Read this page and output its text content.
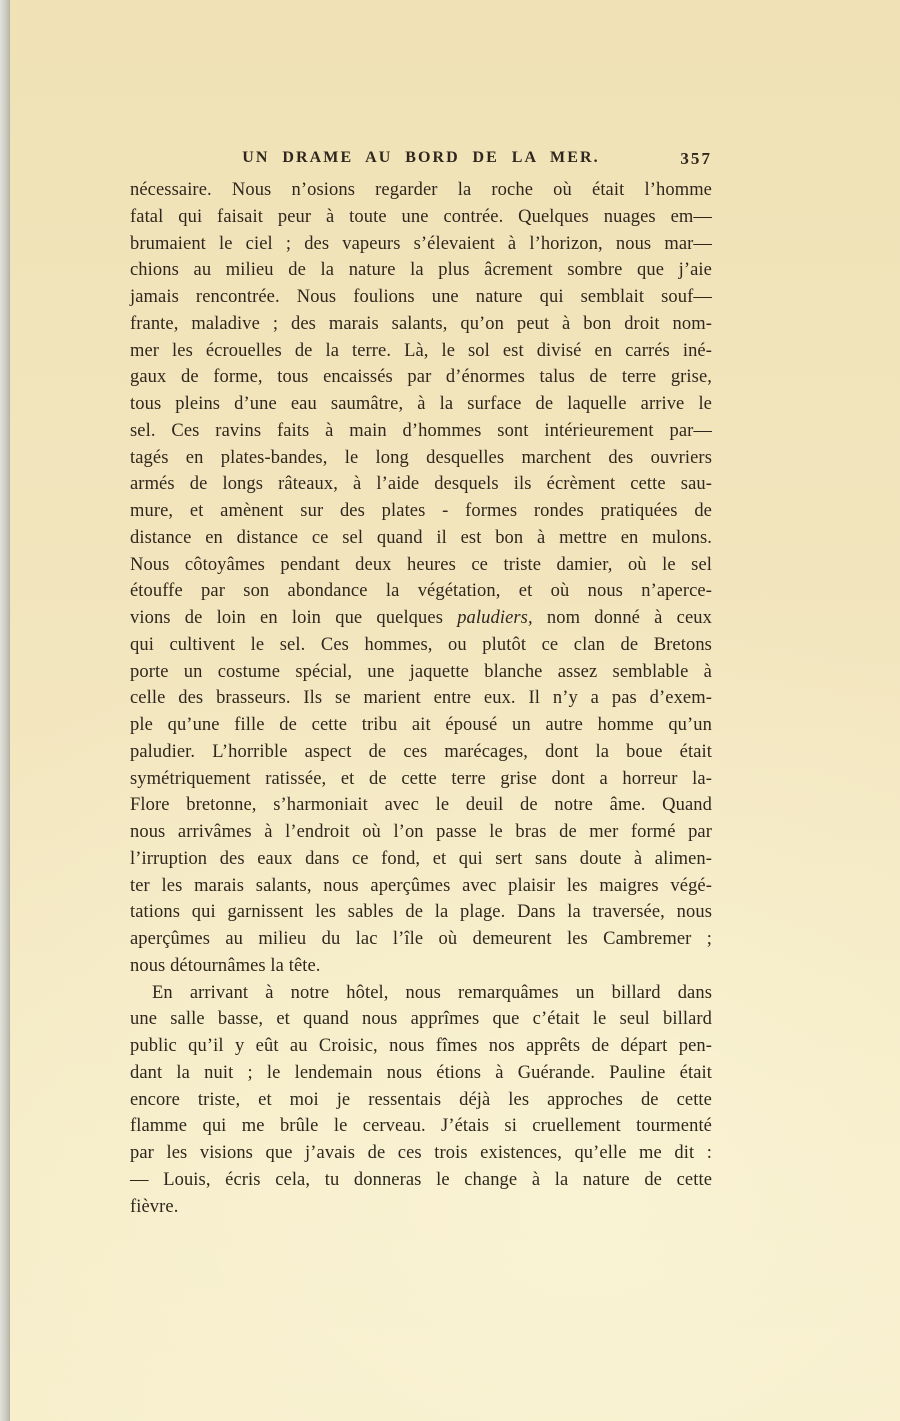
UN DRAME AU BORD DE LA MER.	357
nécessaire. Nous n’osions regarder la roche où était l’homme
fatal qui faisait peur à toute une contrée. Quelques nuages em—
brumaient le ciel ; des vapeurs s’élevaient à l’horizon, nous mar—
chions au milieu de la nature la plus âcrement sombre que j’aie
jamais rencontrée. Nous foulions une nature qui semblait souf—
frante, maladive ; des marais salants, qu’on peut à bon droit nom-
mer les écrouelles de la terre. Là, le sol est divisé en carrés iné-
gaux de forme, tous encaissés par d’énormes talus de terre grise,
tous pleins d’une eau saumâtre, à la surface de laquelle arrive le
sel. Ces ravins faits à main d’hommes sont intérieurement par—
tagés en plates-bandes, le long desquelles marchent des ouvriers
armés de longs râteaux, à l’aide desquels ils écrèment cette sau-
mure, et amènent sur des plates - formes rondes pratiquées de
distance en distance ce sel quand il est bon à mettre en mulons.
Nous côtoyâmes pendant deux heures ce triste damier, où le sel
étouffe par son abondance la végétation, et où nous n’aperce-
vions de loin en loin que quelques paludiers, nom donné à ceux
qui cultivent le sel. Ces hommes, ou plutôt ce clan de Bretons
porte un costume spécial, une jaquette blanche assez semblable à
celle des brasseurs. Ils se marient entre eux. Il n’y a pas d’exem-
ple qu’une fille de cette tribu ait épousé un autre homme qu’un
paludier. L’horrible aspect de ces marécages, dont la boue était
symétriquement ratissée, et de cette terre grise dont a horreur la-
Flore bretonne, s’harmoniait avec le deuil de notre âme. Quand
nous arrivâmes à l’endroit où l’on passe le bras de mer formé par
l’irruption des eaux dans ce fond, et qui sert sans doute à alimen-
ter les marais salants, nous aperçûmes avec plaisir les maigres végé-
tations qui garnissent les sables de la plage. Dans la traversée, nous
aperçûmes au milieu du lac l’île où demeurent les Cambremer ;
nous détournâmes la tête.
En arrivant à notre hôtel, nous remarquâmes un billard dans
une salle basse, et quand nous apprîmes que c’était le seul billard
public qu’il y eût au Croisic, nous fîmes nos apprêts de départ pen-
dant la nuit ; le lendemain nous étions à Guérande. Pauline était
encore triste, et moi je ressentais déjà les approches de cette
flamme qui me brûle le cerveau. J’étais si cruellement tourmenté
par les visions que j’avais de ces trois existences, qu’elle me dit :
— Louis, écris cela, tu donneras le change à la nature de cette
fièvre.
